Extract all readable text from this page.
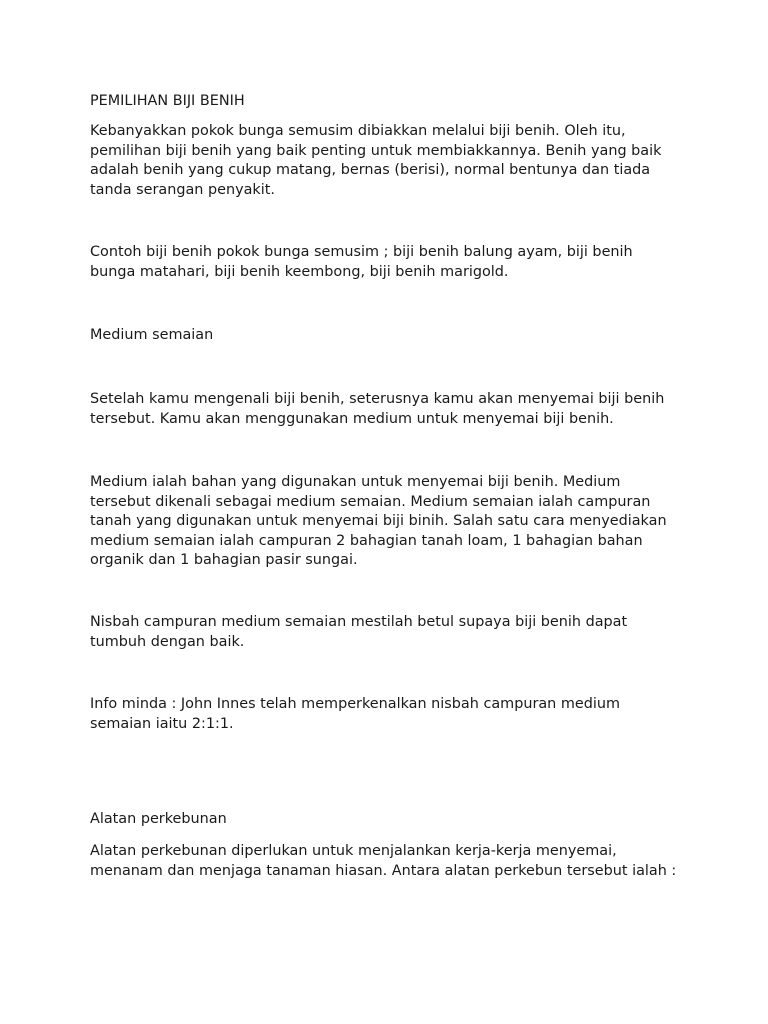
PEMILIHAN BIJI BENIH

Kebanyakkan pokok bunga semusim dibiakkan melalui biji benih. Oleh itu, pemilihan biji benih yang baik penting untuk membiakkannya. Benih yang baik adalah benih yang cukup matang, bernas (berisi), normal bentunya dan tiada tanda serangan penyakit.

Contoh biji benih pokok bunga semusim ; biji benih balung ayam, biji benih bunga matahari, biji benih keembong, biji benih marigold.

Medium semaian

Setelah kamu mengenali biji benih, seterusnya kamu akan menyemai biji benih tersebut. Kamu akan menggunakan medium untuk menyemai biji benih.

Medium ialah bahan yang digunakan untuk menyemai biji benih. Medium tersebut dikenali sebagai medium semaian. Medium semaian ialah campuran tanah yang digunakan untuk menyemai biji binih. Salah satu cara menyediakan medium semaian ialah campuran 2 bahagian tanah loam, 1 bahagian bahan organik dan 1 bahagian pasir sungai.

Nisbah campuran medium semaian mestilah betul supaya biji benih dapat tumbuh dengan baik.

Info minda : John Innes telah memperkenalkan nisbah campuran medium semaian iaitu 2:1:1.

Alatan perkebunan

Alatan perkebunan diperlukan untuk menjalankan kerja-kerja menyemai, menanam dan menjaga tanaman hiasan. Antara alatan perkebun tersebut ialah :
